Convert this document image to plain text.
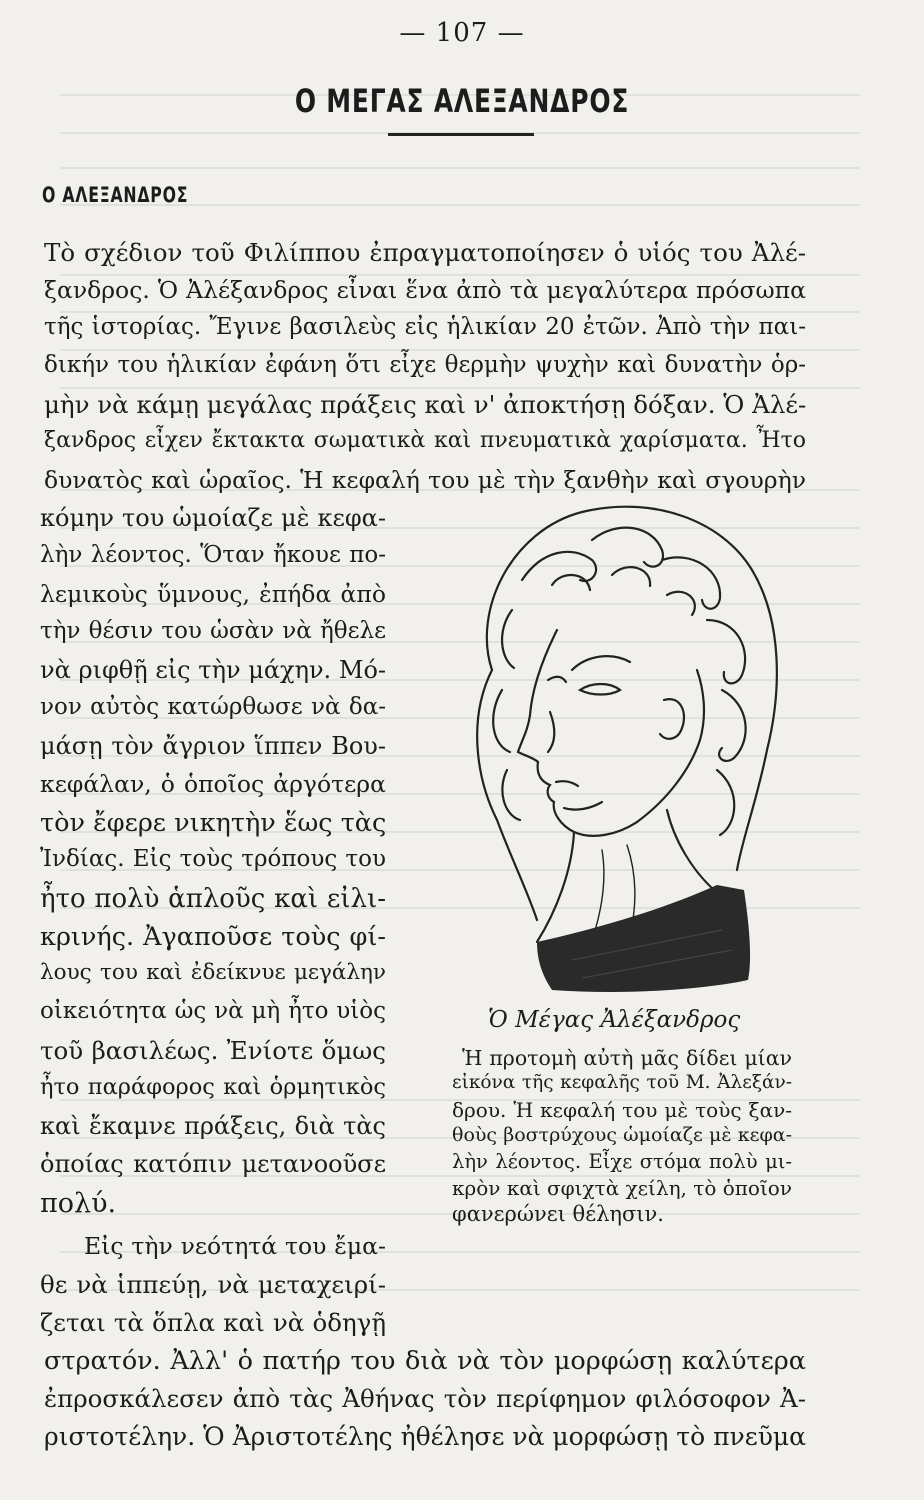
— 107 —
Ο ΜΕΓΑΣ ΑΛΕΞΑΝΔΡΟΣ
Ο ΑΛΕΞΑΝΔΡΟΣ
Τὸ σχέδιον τοῦ Φιλίππου ἐπραγματοποίησεν ὁ υἱός του Ἀλέ-
ξανδρος. Ὁ Ἀλέξανδρος εἶναι ἕνα ἀπὸ τὰ μεγαλύτερα πρόσωπα
τῆς ἱστορίας. Ἔγινε βασιλεὺς εἰς ἡλικίαν 20 ἐτῶν. Ἀπὸ τὴν παι-
δικήν του ἡλικίαν ἐφάνη ὅτι εἶχε θερμὴν ψυχὴν καὶ δυνατὴν ὁρ-
μὴν νὰ κάμῃ μεγάλας πράξεις καὶ ν' ἀποκτήσῃ δόξαν. Ὁ Ἀλέ-
ξανδρος εἶχεν ἔκτακτα σωματικὰ καὶ πνευματικὰ χαρίσματα. Ἦτο
δυνατὸς καὶ ὡραῖος. Ἡ κεφαλή του μὲ τὴν ξανθὴν καὶ σγουρὴν
κόμην του ὡμοίαζε μὲ κεφα-
λὴν λέοντος. Ὅταν ἤκουε πο-
λεμικοὺς ὕμνους, ἐπήδα ἀπὸ
τὴν θέσιν του ὡσὰν νὰ ἤθελε
νὰ ριφθῇ εἰς τὴν μάχην. Μό-
νον αὐτὸς κατώρθωσε νὰ δα-
μάσῃ τὸν ἄγριον ἵππεν Βου-
κεφάλαν, ὁ ὁποῖος ἀργότερα
τὸν ἔφερε νικητὴν ἕως τὰς
Ἰνδίας. Εἰς τοὺς τρόπους του
ἦτο πολὺ ἁπλοῦς καὶ εἰλι-
κρινής. Ἀγαποῦσε τοὺς φί-
λους του καὶ ἐδείκνυε μεγάλην
οἰκειότητα ὡς νὰ μὴ ἦτο υἱὸς
τοῦ βασιλέως. Ἐνίοτε ὅμως
ἦτο παράφορος καὶ ὁρμητικὸς
καὶ ἔκαμνε πράξεις, διὰ τὰς
ὁποίας κατόπιν μετανοοῦσε
πολύ.
Εἰς τὴν νεότητά του ἔμα-
θε νὰ ἱππεύῃ, νὰ μεταχειρί-
ζεται τὰ ὅπλα καὶ νὰ ὁδηγῇ
στρατόν. Ἀλλ' ὁ πατήρ του διὰ νὰ τὸν μορφώσῃ καλύτερα
ἐπροσκάλεσεν ἀπὸ τὰς Ἀθήνας τὸν περίφημον φιλόσοφον Ἀ-
ριστοτέλην. Ὁ Ἀριστοτέλης ἠθέλησε νὰ μορφώσῃ τὸ πνεῦμα
Ὁ Μέγας Ἀλέξανδρος
Ἡ προτομὴ αὐτὴ μᾶς δίδει μίαν
εἰκόνα τῆς κεφαλῆς τοῦ Μ. Ἀλεξάν-
δρου. Ἡ κεφαλή του μὲ τοὺς ξαν-
θοὺς βοστρύχους ὡμοίαζε μὲ κεφα-
λὴν λέοντος. Εἶχε στόμα πολὺ μι-
κρὸν καὶ σφιχτὰ χείλη, τὸ ὁποῖον
φανερώνει θέλησιν.
